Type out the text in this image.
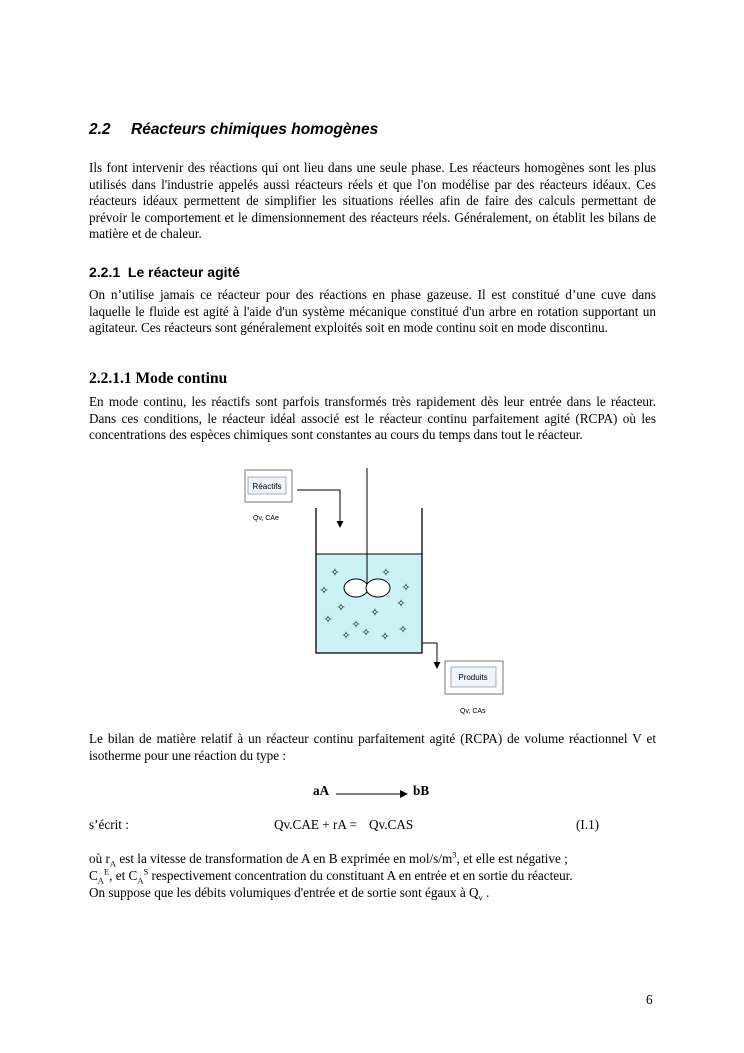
2.2 Réacteurs chimiques homogènes
Ils font intervenir des réactions qui ont lieu dans une seule phase. Les réacteurs homogènes sont les plus utilisés dans l'industrie appelés aussi réacteurs réels et que l'on modélise par des réacteurs idéaux. Ces réacteurs idéaux permettent de simplifier les situations réelles afin de faire des calculs permettant de prévoir le comportement et le dimensionnement des réacteurs réels. Généralement, on établit les bilans de matière et de chaleur.
2.2.1 Le réacteur agité
On n’utilise jamais ce réacteur pour des réactions en phase gazeuse. Il est constitué d’une cuve dans laquelle le fluide est agité à l'aide d'un système mécanique constitué d'un arbre en rotation supportant un agitateur. Ces réacteurs sont généralement exploités soit en mode continu soit en mode discontinu.
2.2.1.1 Mode continu
En mode continu, les réactifs sont parfois transformés très rapidement dès leur entrée dans le réacteur. Dans ces conditions, le réacteur idéal associé est le réacteur continu parfaitement agité (RCPA) où les concentrations des espèces chimiques sont constantes au cours du temps dans tout le réacteur.
Réactifs
Qv, CAe
✧	✧
✧	✧
✧ ✧
✧
✧ ✧
✧ ✧ ✧
✧
Produits
Qv, CAs
Le bilan de matière relatif à un réacteur continu parfaitement agité (RCPA) de volume réactionnel V et isotherme pour une réaction du type :
aA	bB
s’écrit :	Qv.CAE + rA = Qv.CAS	(I.1)
où $r_A$ est la vitesse de transformation de A en B exprimée en mol/$s/m^3$, et elle est négative ;
$C_A^E$, et $C_A^S$ respectivement concentration du constituant A en entrée et en sortie du réacteur.
On suppose que les débits volumiques d'entrée et de sortie sont égaux à $Q_v$ .
6
